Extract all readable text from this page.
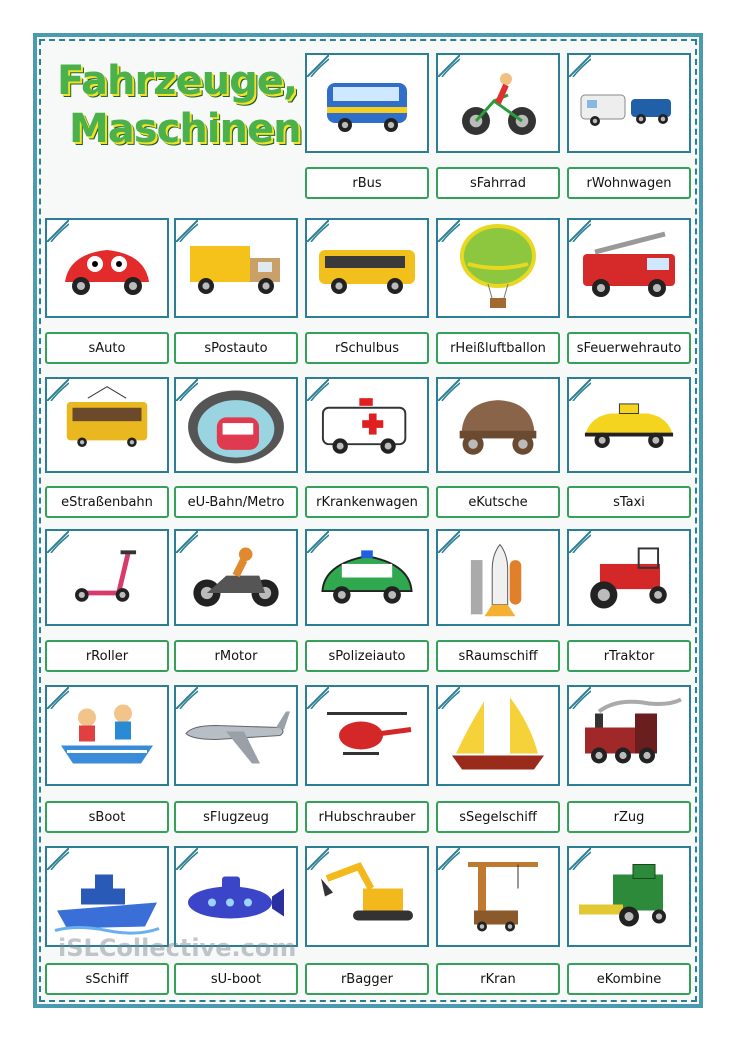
Fahrzeuge,
Maschinen
rBus	sFahrrad	rWohnwagen
sAuto	sPostauto	rSchulbus	rHeißluftballon	sFeuerwehrauto
eStraßenbahn	eU-Bahn/Metro	rKrankenwagen	eKutsche	sTaxi
rRoller	rMotor	sPolizeiauto	sRaumschiff	rTraktor
sBoot	sFlugzeug	rHubschrauber	sSegelschiff	rZug
sSchiff	sU-boot	rBagger	rKran	eKombine
iSLCollective.com
